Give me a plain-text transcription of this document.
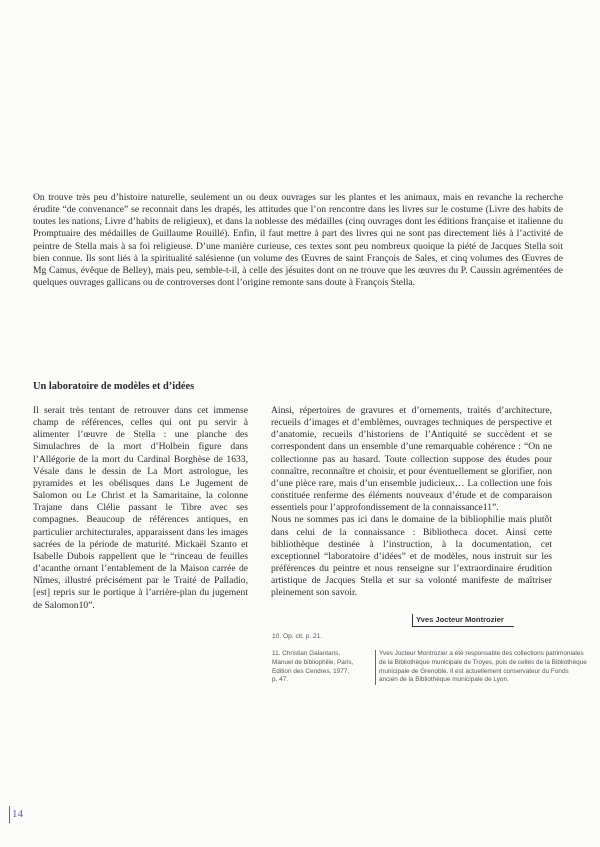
On trouve très peu d’histoire naturelle, seulement un ou deux ouvrages sur les plantes et les animaux, mais en revanche la recherche érudite “de convenance” se reconnait dans les drapés, les attitudes que l’on rencontre dans les livres sur le costume (Livre des habits de toutes les nations, Livre d’habits de religieux), et dans la noblesse des médailles (cinq ouvrages dont les éditions française et italienne du Promptuaire des médailles de Guillaume Rouillé). Enfin, il faut mettre à part des livres qui ne sont pas directement liés à l’activité de peintre de Stella mais à sa foi religieuse. D’une manière curieuse, ces textes sont peu nombreux quoique la piété de Jacques Stella soit bien connue. Ils sont liés à la spiritualité salésienne (un volume des Œuvres de saint François de Sales, et cinq volumes des Œuvres de Mg Camus, évêque de Belley), mais peu, semble-t-il, à celle des jésuites dont on ne trouve que les œuvres du P. Caussin agrémentées de quelques ouvrages gallicans ou de controverses dont l’origine remonte sans doute à François Stella.

Un laboratoire de modèles et d’idées

Il serait très tentant de retrouver dans cet immense champ de références, celles qui ont pu servir à alimenter l’œuvre de Stella : une planche des Simulachres de la mort d’Holbein figure dans l’Allégorie de la mort du Cardinal Borghèse de 1633, Vésale dans le dessin de La Mort astrologue, les pyramides et les obélisques dans Le Jugement de Salomon ou Le Christ et la Samaritaine, la colonne Trajane dans Clélie passant le Tibre avec ses compagnes. Beaucoup de références antiques, en particulier architecturales, apparaissent dans les images sacrées de la période de maturité. Mickaël Szanto et Isabelle Dubois rappellent que le “rinceau de feuilles d’acanthe ornant l’entablement de la Maison carrée de Nîmes, illustré précisément par le Traité de Palladio, [est] repris sur le portique à l’arrière-plan du jugement de Salomon10”.

Ainsi, répertoires de gravures et d’ornements, traités d’architecture, recueils d’images et d’emblèmes, ouvrages techniques de perspective et d’anatomie, recueils d’historiens de l’Antiquité se succèdent et se correspondent dans un ensemble d’une remarquable cohérence : “On ne collectionne pas au hasard. Toute collection suppose des études pour connaître, reconnaître et choisir, et pour éventuellement se glorifier, non d’une pièce rare, mais d’un ensemble judicieux… La collection une fois constituée renferme des éléments nouveaux d’étude et de comparaison essentiels pour l’approfondissement de la connaissance11”.
Nous ne sommes pas ici dans le domaine de la bibliophilie mais plutôt dans celui de la connaissance : Bibliotheca docet. Ainsi cette bibliothèque destinée à l’instruction, à la documentation, cet exceptionnel “laboratoire d’idées” et de modèles, nous instruit sur les préférences du peintre et nous renseigne sur l’extraordinaire érudition artistique de Jacques Stella et sur sa volonté manifeste de maîtriser pleinement son savoir.
Yves Jocteur Montrozier
10. Op. cit. p. 21.
11. Christian Galantaris, Manuel de bibliophilie, Paris, Edition des Cendres, 1977, p. 47.
Yves Jocteur Montrozier a été responsable des collections patrimoniales de la Bibliothèque municipale de Troyes, puis de celles de la Bibliothèque municipale de Grenoble. Il est actuellement conservateur du Fonds ancien de la Bibliothèque municipale de Lyon.
14
